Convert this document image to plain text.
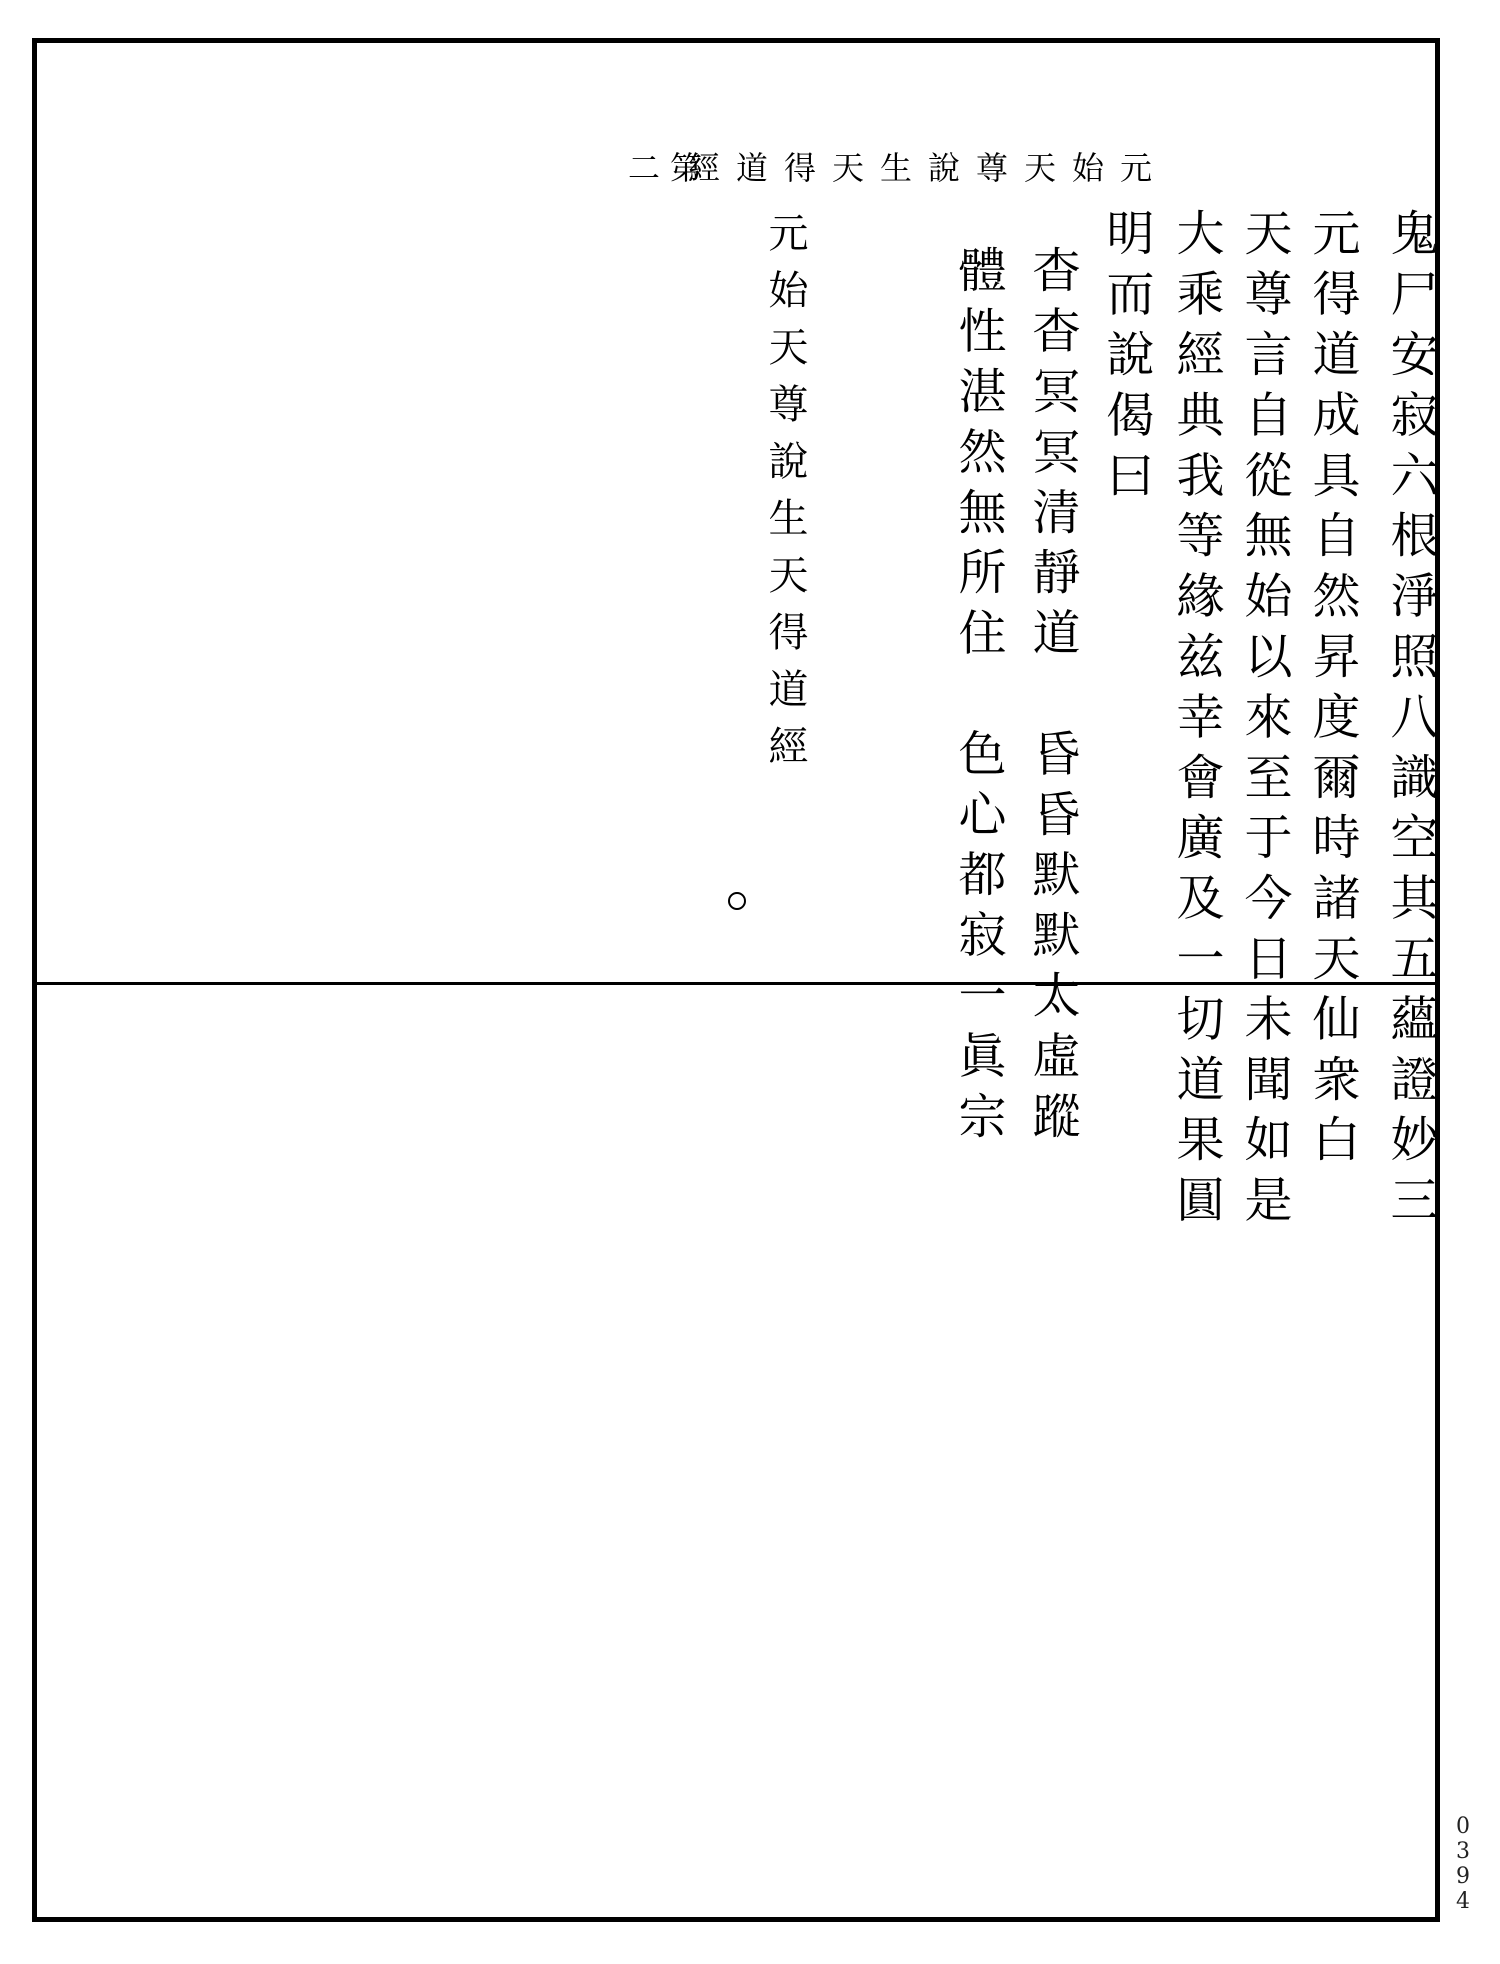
元始天尊說生天得道經
第二
鬼尸安寂六根淨照八識空其五蘊證妙三
元得道成具自然昇度爾時諸天仙衆白
天尊言自從無始以來至于今日未聞如是
大乘經典我等緣兹幸會廣及一切道果圓
明而說偈曰
杳杳冥冥清靜道　昏昏默默太虛蹤
體性湛然無所住　色心都寂一眞宗
元始天尊說生天得道經
0394
